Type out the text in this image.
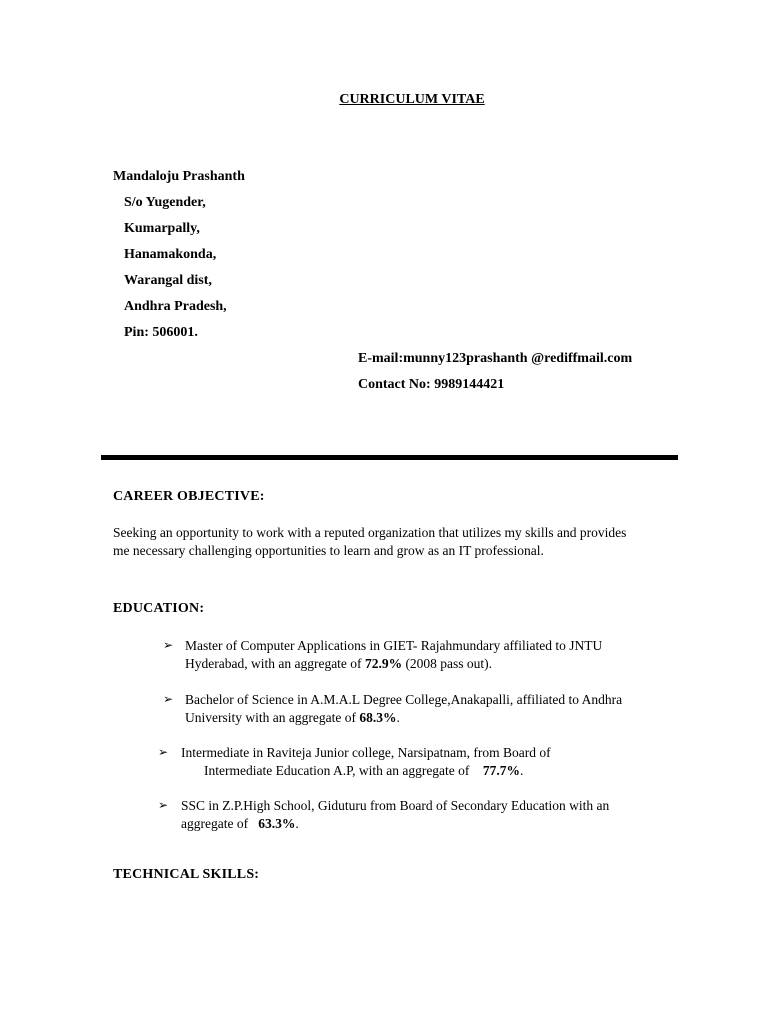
CURRICULUM VITAE
Mandaloju Prashanth
S/o Yugender,
Kumarpally,
Hanamakonda,
Warangal dist,
Andhra Pradesh,
Pin: 506001.
E-mail:munny123prashanth @rediffmail.com
Contact No: 9989144421
CAREER OBJECTIVE:
Seeking an opportunity to work with a reputed organization that utilizes my skills and provides
me necessary challenging opportunities to learn and grow as an IT professional.
EDUCATION:
➢ Master of Computer Applications in GIET- Rajahmundary affiliated to JNTU
Hyderabad, with an aggregate of 72.9% (2008 pass out).
➢ Bachelor of Science in A.M.A.L Degree College,Anakapalli, affiliated to Andhra
University with an aggregate of 68.3%.
➢ Intermediate in Raviteja Junior college, Narsipatnam, from Board of
Intermediate Education A.P, with an aggregate of    77.7%.
➢ SSC in Z.P.High School, Giduturu from Board of Secondary Education with an
aggregate of   63.3%.
TECHNICAL SKILLS:
